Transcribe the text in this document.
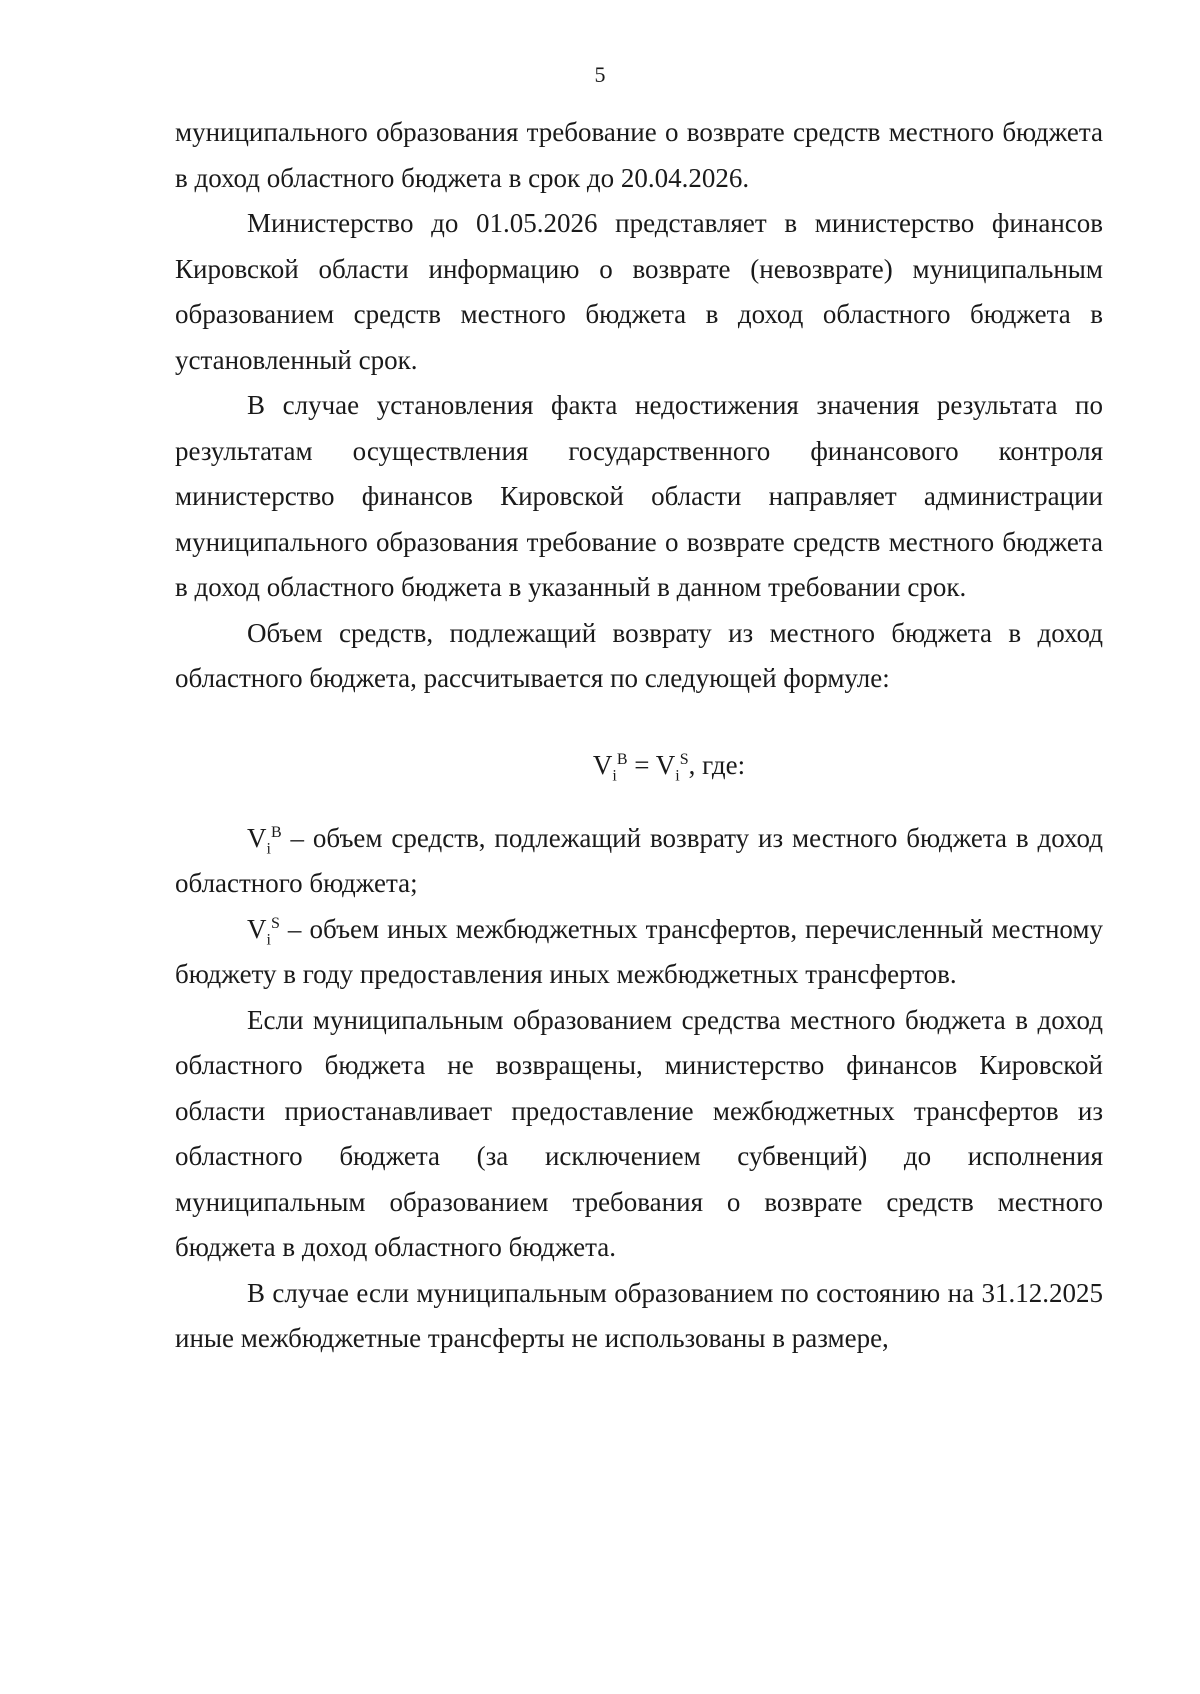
5

муниципального образования требование о возврате средств местного бюджета в доход областного бюджета в срок до 20.04.2026.

Министерство до 01.05.2026 представляет в министерство финансов Кировской области информацию о возврате (невозврате) муниципальным образованием средств местного бюджета в доход областного бюджета в установленный срок.

В случае установления факта недостижения значения результата по результатам осуществления государственного финансового контроля министерство финансов Кировской области направляет администрации муниципального образования требование о возврате средств местного бюджета в доход областного бюджета в указанный в данном требовании срок.

Объем средств, подлежащий возврату из местного бюджета в доход областного бюджета, рассчитывается по следующей формуле:

$V_i^B = V_i^S$, где:

$V_i^B$ – объем средств, подлежащий возврату из местного бюджета в доход областного бюджета;

$V_i^S$ – объем иных межбюджетных трансфертов, перечисленный местному бюджету в году предоставления иных межбюджетных трансфертов.

Если муниципальным образованием средства местного бюджета в доход областного бюджета не возвращены, министерство финансов Кировской области приостанавливает предоставление межбюджетных трансфертов из областного бюджета (за исключением субвенций) до исполнения муниципальным образованием требования о возврате средств местного бюджета в доход областного бюджета.

В случае если муниципальным образованием по состоянию на 31.12.2025 иные межбюджетные трансферты не использованы в размере,
